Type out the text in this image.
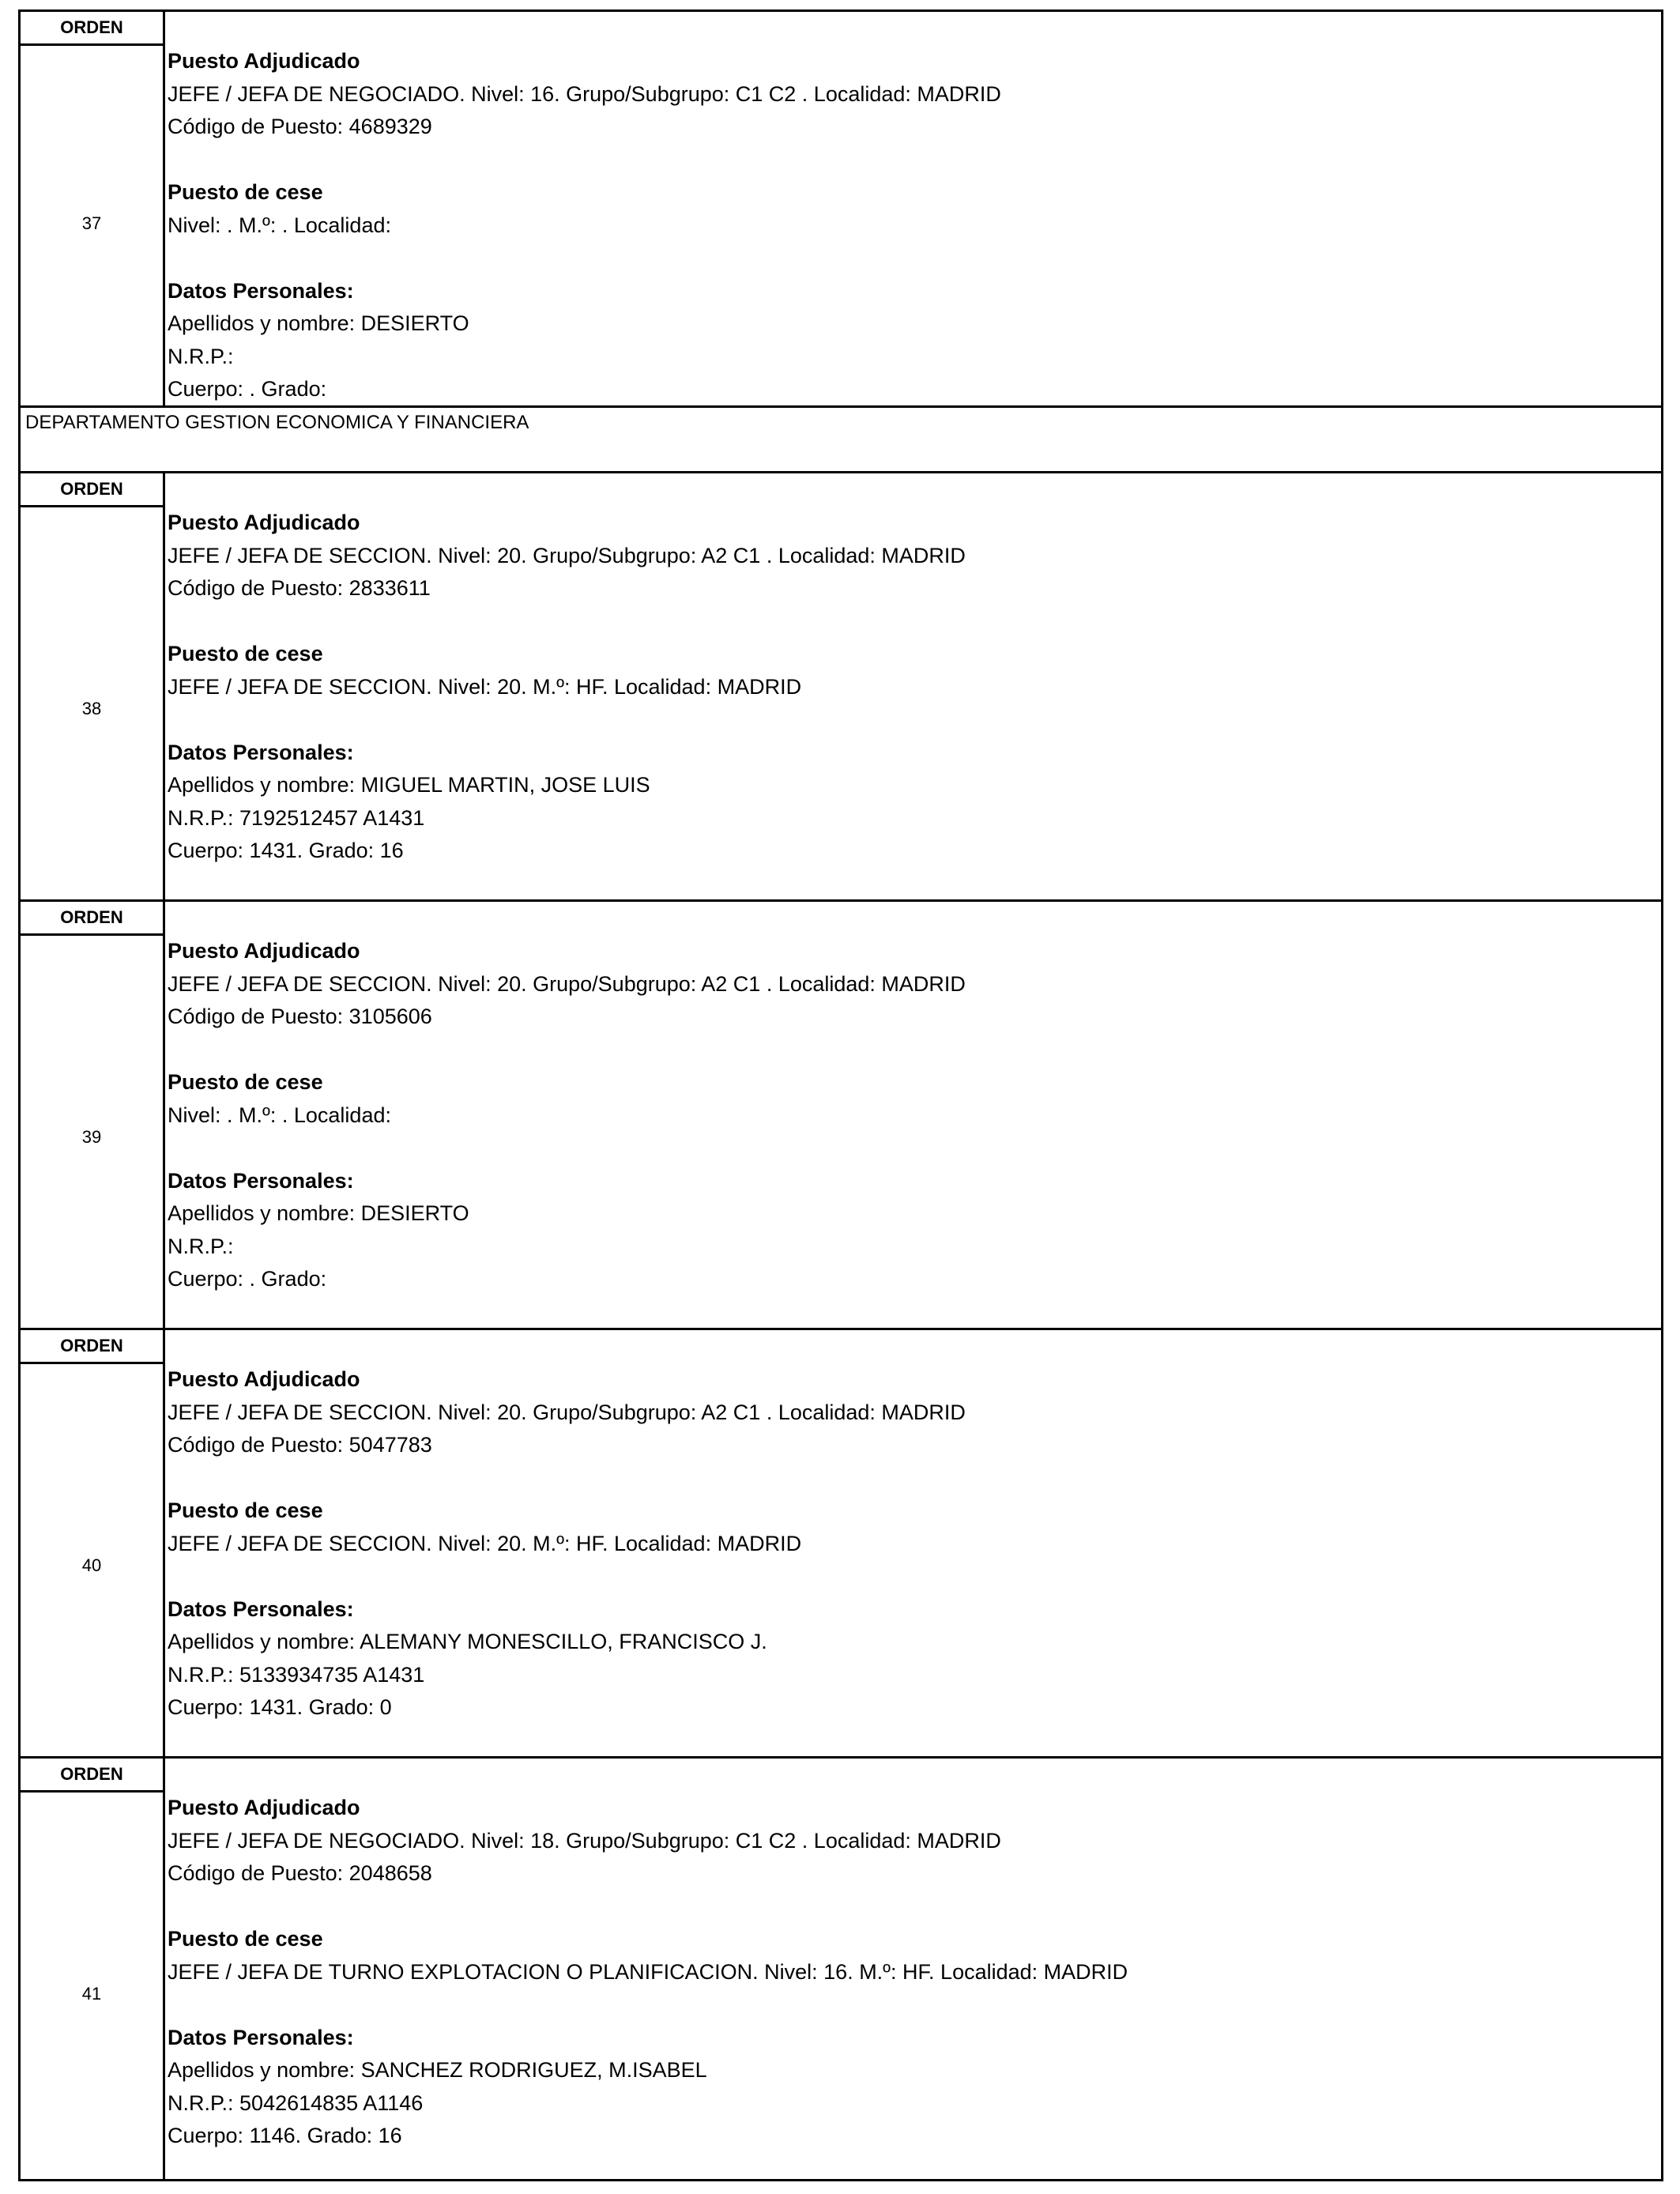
ORDEN
37
Puesto Adjudicado
JEFE / JEFA DE NEGOCIADO. Nivel: 16. Grupo/Subgrupo: C1 C2 . Localidad: MADRID
Código de Puesto: 4689329
Puesto de cese
Nivel: . M.º: . Localidad:
Datos Personales:
Apellidos y nombre: DESIERTO
N.R.P.:
Cuerpo: . Grado:
DEPARTAMENTO GESTION ECONOMICA Y FINANCIERA
ORDEN
38
Puesto Adjudicado
JEFE / JEFA DE SECCION. Nivel: 20. Grupo/Subgrupo: A2 C1 . Localidad: MADRID
Código de Puesto: 2833611
Puesto de cese
JEFE / JEFA DE SECCION. Nivel: 20. M.º: HF. Localidad: MADRID
Datos Personales:
Apellidos y nombre: MIGUEL MARTIN, JOSE LUIS
N.R.P.: 7192512457 A1431
Cuerpo: 1431. Grado: 16
ORDEN
39
Puesto Adjudicado
JEFE / JEFA DE SECCION. Nivel: 20. Grupo/Subgrupo: A2 C1 . Localidad: MADRID
Código de Puesto: 3105606
Puesto de cese
Nivel: . M.º: . Localidad:
Datos Personales:
Apellidos y nombre: DESIERTO
N.R.P.:
Cuerpo: . Grado:
ORDEN
40
Puesto Adjudicado
JEFE / JEFA DE SECCION. Nivel: 20. Grupo/Subgrupo: A2 C1 . Localidad: MADRID
Código de Puesto: 5047783
Puesto de cese
JEFE / JEFA DE SECCION. Nivel: 20. M.º: HF. Localidad: MADRID
Datos Personales:
Apellidos y nombre: ALEMANY MONESCILLO, FRANCISCO J.
N.R.P.: 5133934735 A1431
Cuerpo: 1431. Grado: 0
ORDEN
41
Puesto Adjudicado
JEFE / JEFA DE NEGOCIADO. Nivel: 18. Grupo/Subgrupo: C1 C2 . Localidad: MADRID
Código de Puesto: 2048658
Puesto de cese
JEFE / JEFA DE TURNO EXPLOTACION O PLANIFICACION. Nivel: 16. M.º: HF. Localidad: MADRID
Datos Personales:
Apellidos y nombre: SANCHEZ RODRIGUEZ, M.ISABEL
N.R.P.: 5042614835 A1146
Cuerpo: 1146. Grado: 16
